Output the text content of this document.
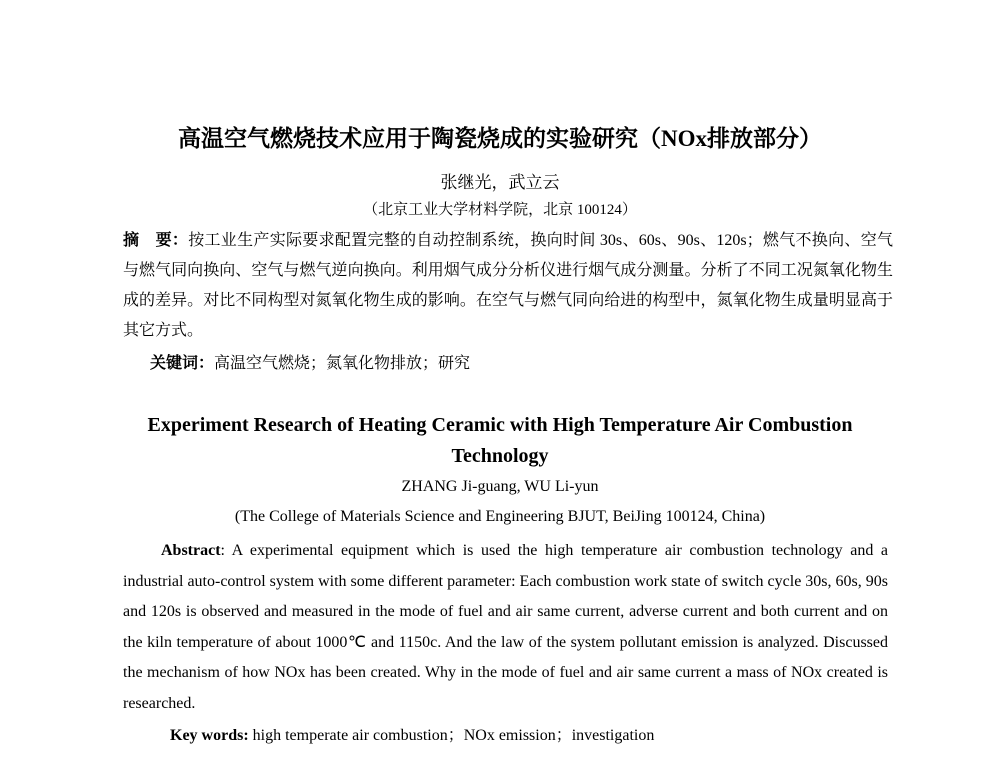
高温空气燃烧技术应用于陶瓷烧成的实验研究（NOx排放部分）
张继光，武立云
（北京工业大学材料学院，北京 100124）
摘　要：按工业生产实际要求配置完整的自动控制系统，换向时间 30s、60s、90s、120s；燃气不换向、空气与燃气同向换向、空气与燃气逆向换向。利用烟气成分分析仪进行烟气成分测量。分析了不同工况氮氧化物生成的差异。对比不同构型对氮氧化物生成的影响。在空气与燃气同向给进的构型中，氮氧化物生成量明显高于其它方式。
关键词：高温空气燃烧；氮氧化物排放；研究
Experiment Research of Heating Ceramic with High Temperature Air Combustion Technology
ZHANG Ji-guang, WU Li-yun
(The College of Materials Science and Engineering BJUT, BeiJing 100124, China)
Abstract: A experimental equipment which is used the high temperature air combustion technology and a industrial auto-control system with some different parameter: Each combustion work state of switch cycle 30s, 60s, 90s and 120s is observed and measured in the mode of fuel and air same current, adverse current and both current and on the kiln temperature of about 1000℃ and 1150c. And the law of the system pollutant emission is analyzed. Discussed the mechanism of how NOx has been created. Why in the mode of fuel and air same current a mass of NOx created is researched.
Key words: high temperate air combustion；NOx emission；investigation
